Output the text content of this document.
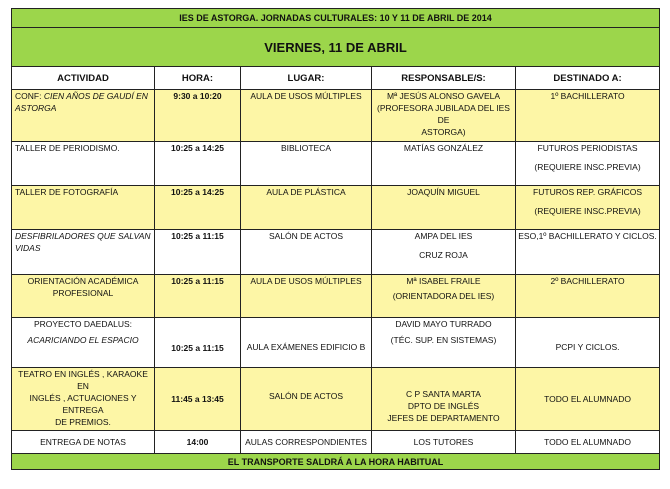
IES DE ASTORGA. JORNADAS CULTURALES: 10 Y 11 DE ABRIL DE 2014				
VIERNES, 11 DE ABRIL				
ACTIVIDAD	HORA:	LUGAR:	RESPONSABLE/S:	DESTINADO A:

CONF: CIEN AÑOS DE GAUDÍ EN
ASTORGA	9:30 a 10:20	AULA DE USOS MÚLTIPLES	Mª JESÚS ALONSO GAVELA
(PROFESORA JUBILADA DEL IES DE
ASTORGA)	1º BACHILLERATO

TALLER DE PERIODISMO.	10:25 a 14:25	BIBLIOTECA	MATÍAS GONZÁLEZ	FUTUROS PERIODISTAS
(REQUIERE INSC.PREVIA)

TALLER DE FOTOGRAFÍA	10:25 a 14:25	AULA DE PLÁSTICA	JOAQUÍN MIGUEL	FUTUROS REP. GRÁFICOS
(REQUIERE INSC.PREVIA)

DESFIBRILADORES QUE SALVAN
VIDAS	10:25 a 11:15	SALÓN DE ACTOS	AMPA DEL IES
CRUZ ROJA	ESO,1º BACHILLERATO Y CICLOS.

ORIENTACIÓN ACADÉMICA
PROFESIONAL	10:25 a 11:15	AULA DE USOS MÚLTIPLES	Mª ISABEL FRAILE
(ORIENTADORA DEL IES)	2º BACHILLERATO

PROYECTO DAEDALUS:
ACARICIANDO EL ESPACIO	10:25 a 11:15	AULA EXÁMENES EDIFICIO B	DAVID MAYO TURRADO
(TÉC. SUP. EN SISTEMAS)	PCPI Y CICLOS.

TEATRO EN INGLÉS , KARAOKE EN
INGLÉS , ACTUACIONES Y ENTREGA
DE PREMIOS.	11:45 a 13:45	SALÓN DE ACTOS	C P SANTA MARTA
DPTO DE INGLÉS
JEFES DE DEPARTAMENTO	TODO EL ALUMNADO

ENTREGA DE NOTAS	14:00	AULAS CORRESPONDIENTES	LOS TUTORES	TODO EL ALUMNADO

EL TRANSPORTE SALDRÁ A LA HORA HABITUAL				
